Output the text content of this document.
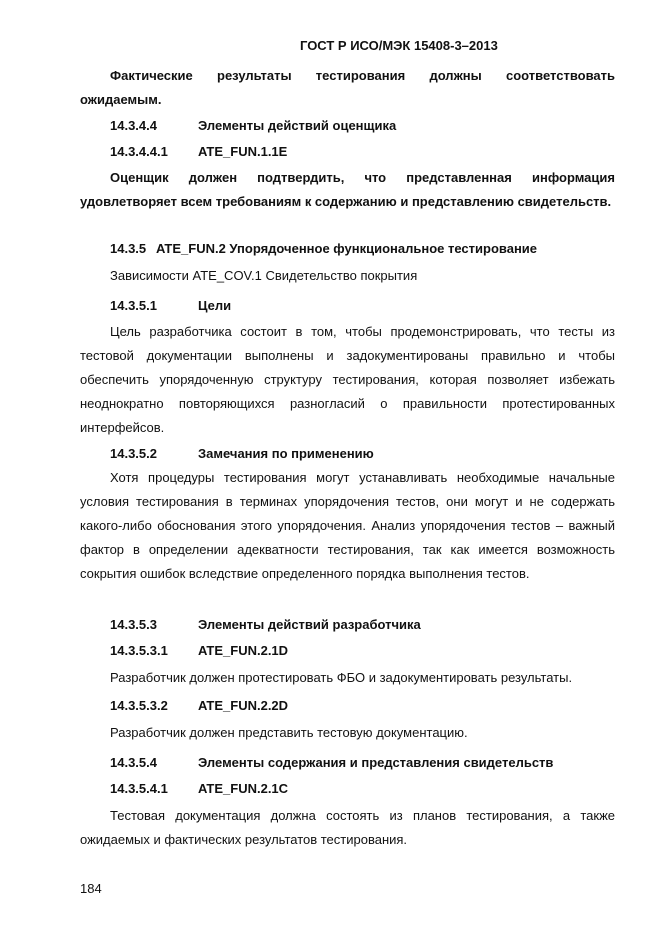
ГОСТ Р ИСО/МЭК 15408-3–2013
Фактические результаты тестирования должны соответствовать ожидаемым.
14.3.4.4	Элементы действий оценщика
14.3.4.4.1 ATE_FUN.1.1E
Оценщик должен подтвердить, что представленная информация удовлетворяет всем требованиям к содержанию и представлению свидетельств.
14.3.5 ATE_FUN.2 Упорядоченное функциональное тестирование
Зависимости ATE_COV.1 Свидетельство покрытия
14.3.5.1	Цели
Цель разработчика состоит в том, чтобы продемонстрировать, что тесты из тестовой документации выполнены и задокументированы правильно и чтобы обеспечить упорядоченную структуру тестирования, которая позволяет избежать неоднократно повторяющихся разногласий о правильности протестированных интерфейсов.
14.3.5.2	Замечания по применению
Хотя процедуры тестирования могут устанавливать необходимые начальные условия тестирования в терминах упорядочения тестов, они могут и не содержать какого-либо обоснования этого упорядочения. Анализ упорядочения тестов – важный фактор в определении адекватности тестирования, так как имеется возможность сокрытия ошибок вследствие определенного порядка выполнения тестов.
14.3.5.3	Элементы действий разработчика
14.3.5.3.1 ATE_FUN.2.1D
Разработчик должен протестировать ФБО и задокументировать результаты.
14.3.5.3.2 ATE_FUN.2.2D
Разработчик должен представить тестовую документацию.
14.3.5.4	Элементы содержания и представления свидетельств
14.3.5.4.1 ATE_FUN.2.1C
Тестовая документация должна состоять из планов тестирования, а также ожидаемых и фактических результатов тестирования.
184
